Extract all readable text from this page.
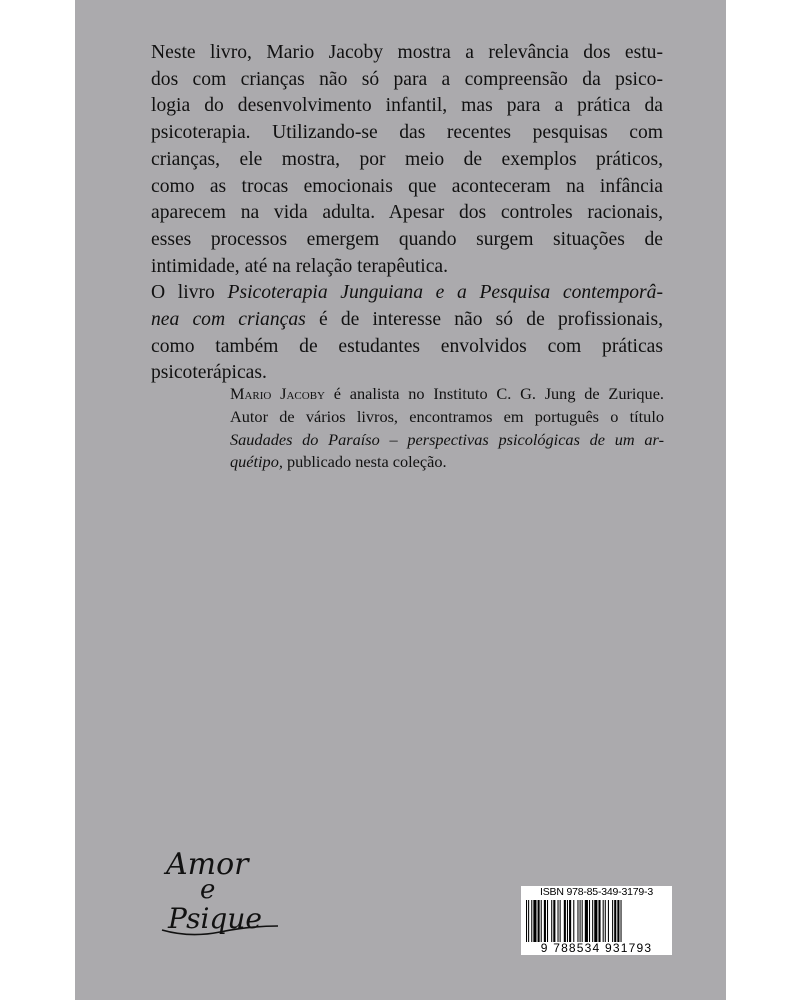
Neste livro, Mario Jacoby mostra a relevância dos estu-
dos com crianças não só para a compreensão da psico-
logia do desenvolvimento infantil, mas para a prática da
psicoterapia. Utilizando-se das recentes pesquisas com
crianças, ele mostra, por meio de exemplos práticos,
como as trocas emocionais que aconteceram na infância
aparecem na vida adulta. Apesar dos controles racionais,
esses processos emergem quando surgem situações de
intimidade, até na relação terapêutica.

O livro Psicoterapia Junguiana e a Pesquisa contemporâ-
nea com crianças é de interesse não só de profissionais,
como também de estudantes envolvidos com práticas
psicoterápicas.

Mario Jacoby é analista no Instituto C. G. Jung de Zurique.
Autor de vários livros, encontramos em português o título
Saudades do Paraíso – perspectivas psicológicas de um ar-
quétipo, publicado nesta coleção.
Amor
e
Psique
ISBN 978-85-349-3179-3
9 788534 931793
